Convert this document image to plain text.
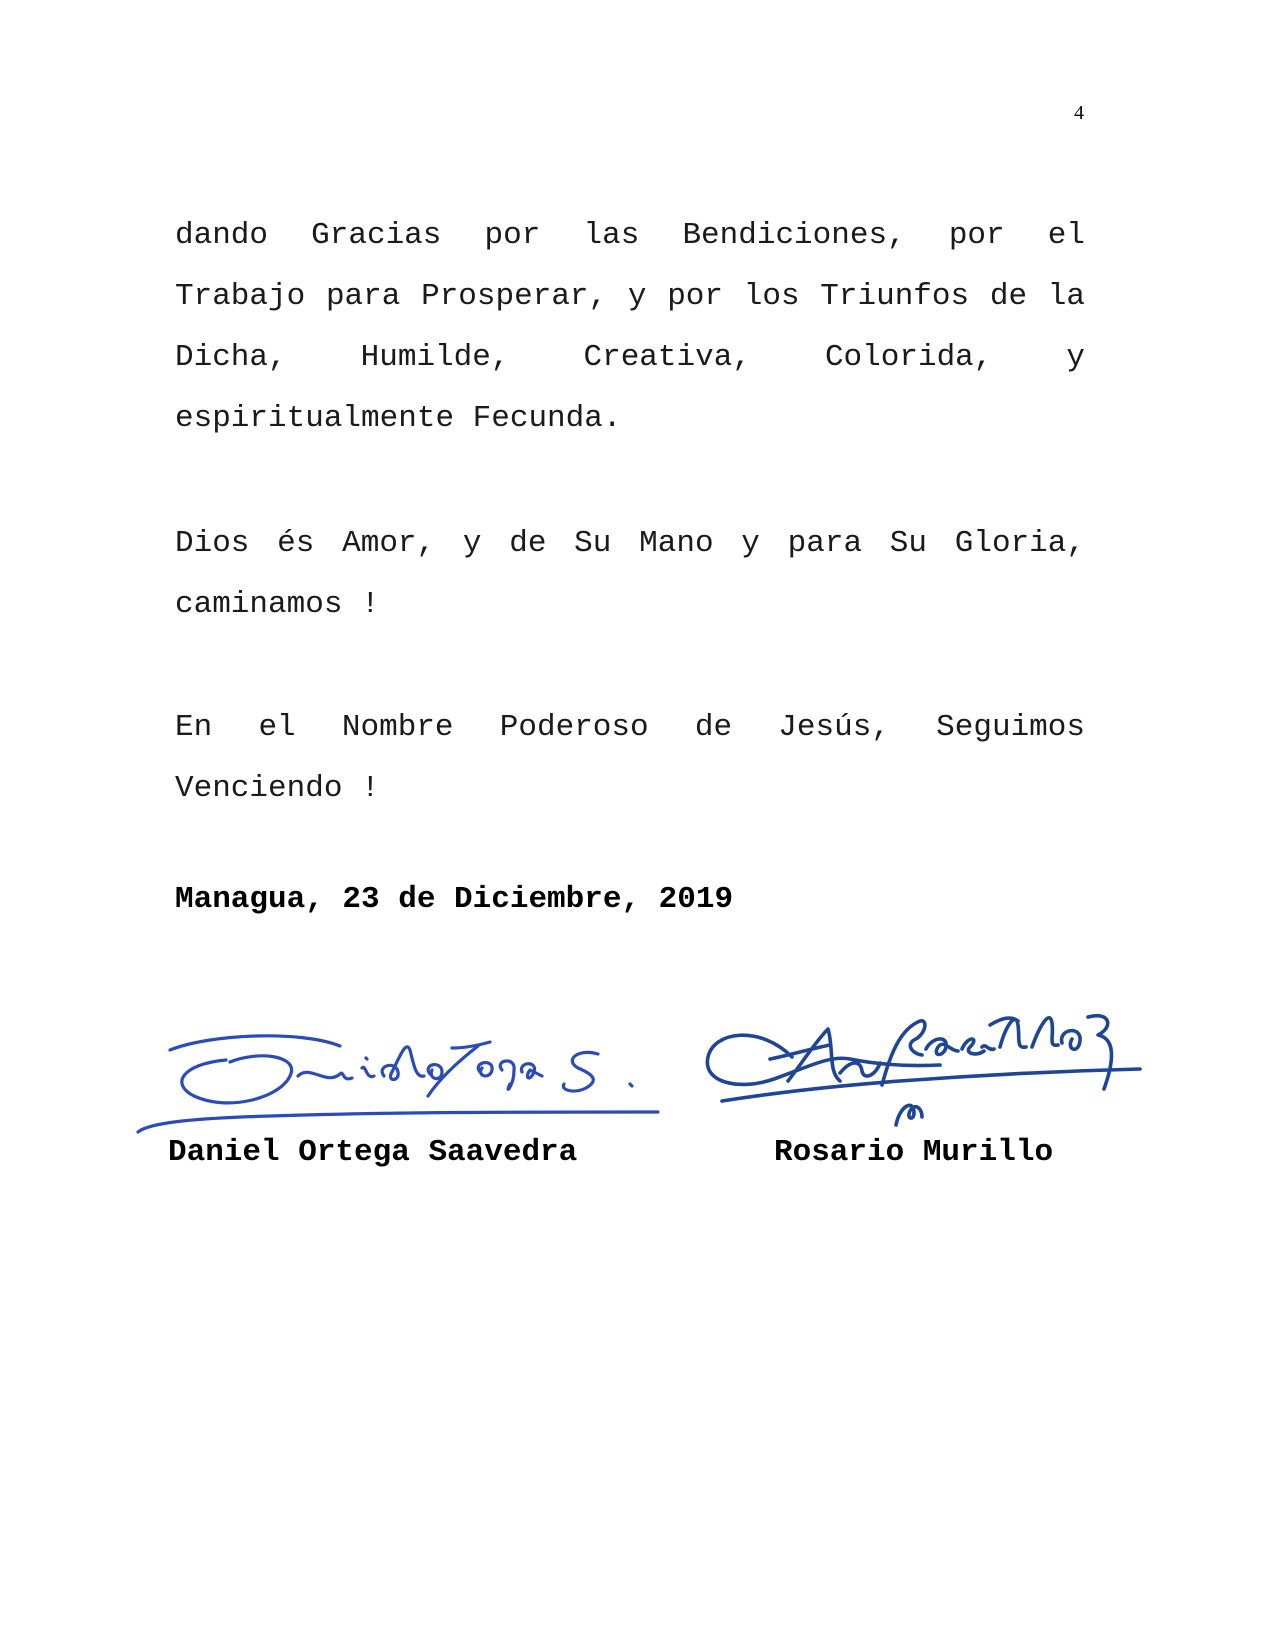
4
dando Gracias por las Bendiciones, por el Trabajo para Prosperar, y por los Triunfos de la Dicha, Humilde, Creativa, Colorida, y espiritualmente Fecunda.
Dios és Amor, y de Su Mano y para Su Gloria, caminamos !
En el Nombre Poderoso de Jesús, Seguimos Venciendo !
Managua, 23 de Diciembre, 2019
Daniel Ortega Saavedra	Rosario Murillo
